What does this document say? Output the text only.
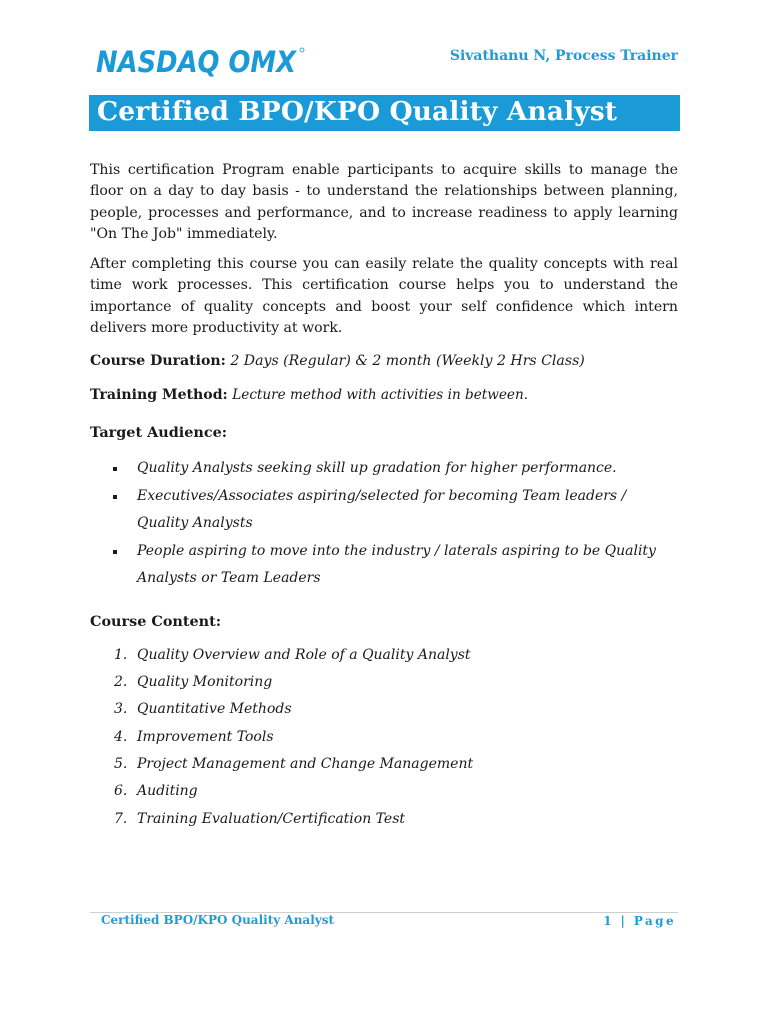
NASDAQ OMX	Sivathanu N, Process Trainer
Certified BPO/KPO Quality Analyst

This certification Program enable participants to acquire skills to manage the floor on a day to day basis - to understand the relationships between planning, people, processes and performance, and to increase readiness to apply learning "On The Job" immediately.

After completing this course you can easily relate the quality concepts with real time work processes. This certification course helps you to understand the importance of quality concepts and boost your self confidence which intern delivers more productivity at work.

Course Duration: 2 Days (Regular) & 2 month (Weekly 2 Hrs Class)

Training Method: Lecture method with activities in between.

Target Audience:
Quality Analysts seeking skill up gradation for higher performance.
Executives/Associates aspiring/selected for becoming Team leaders / Quality Analysts
People aspiring to move into the industry / laterals aspiring to be Quality Analysts or Team Leaders
Course Content:
1. Quality Overview and Role of a Quality Analyst
2. Quality Monitoring
3. Quantitative Methods
4. Improvement Tools
5. Project Management and Change Management
6. Auditing
7. Training Evaluation/Certification Test
Certified BPO/KPO Quality Analyst	1 | Page
